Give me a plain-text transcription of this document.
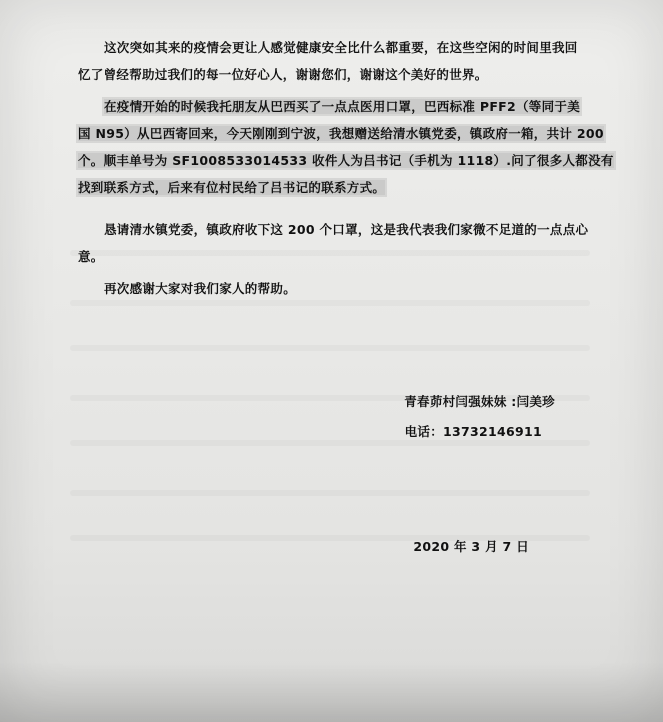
这次突如其来的疫情会更让人感觉健康安全比什么都重要，在这些空闲的时间里我回

忆了曾经帮助过我们的每一位好心人，谢谢您们，谢谢这个美好的世界。

在疫情开始的时候我托朋友从巴西买了一点点医用口罩，巴西标准 PFF2（等同于美

国 N95）从巴西寄回来，今天刚刚到宁波，我想赠送给清水镇党委，镇政府一箱，共计 200

个。顺丰单号为 SF1008533014533 收件人为吕书记（手机为 1118）.问了很多人都没有

找到联系方式，后来有位村民给了吕书记的联系方式。

恳请清水镇党委，镇政府收下这 200 个口罩，这是我代表我们家微不足道的一点点心

意。

再次感谢大家对我们家人的帮助。

青春茆村闫强妹妹 :闫美珍
电话：13732146911
2020 年 3 月 7 日
